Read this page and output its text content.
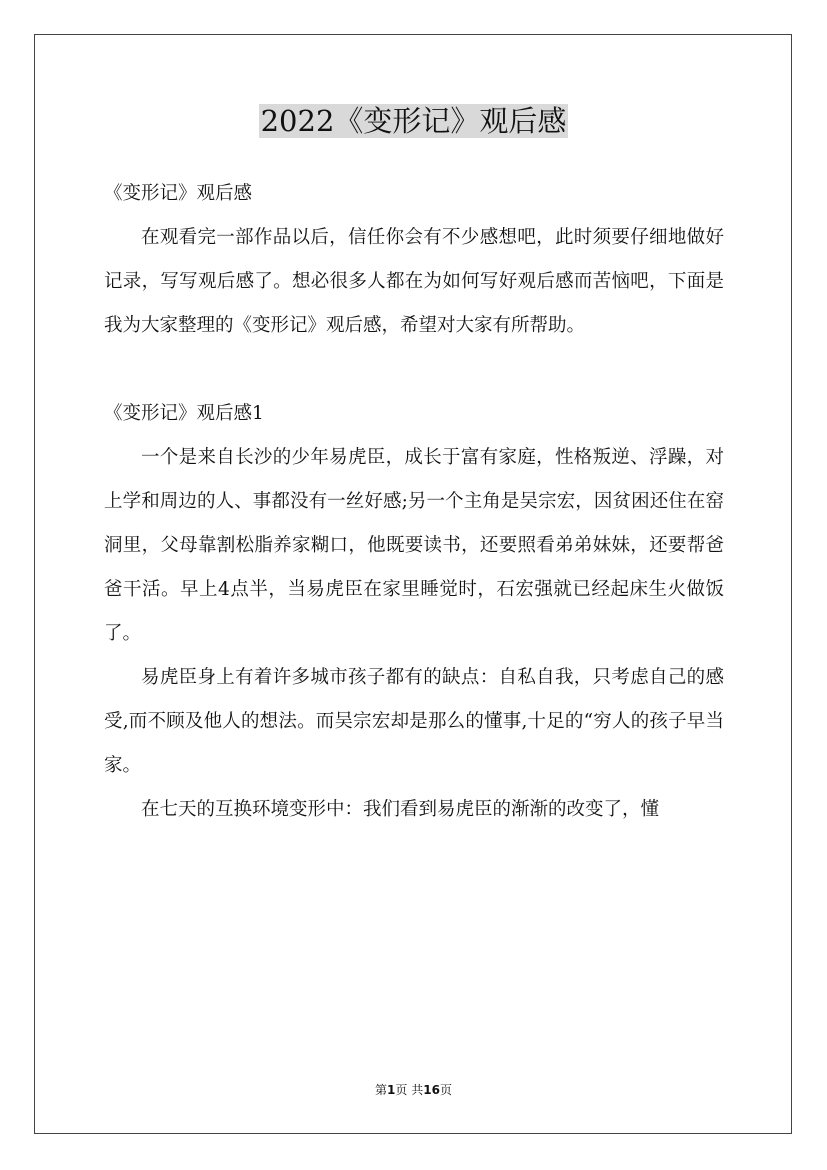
2022《变形记》观后感

《变形记》观后感

在观看完一部作品以后，信任你会有不少感想吧，此时须要仔细地做好记录，写写观后感了。想必很多人都在为如何写好观后感而苦恼吧，下面是我为大家整理的《变形记》观后感，希望对大家有所帮助。

《变形记》观后感1

一个是来自长沙的少年易虎臣，成长于富有家庭，性格叛逆、浮躁，对上学和周边的人、事都没有一丝好感;另一个主角是吴宗宏，因贫困还住在窑洞里，父母靠割松脂养家糊口，他既要读书，还要照看弟弟妹妹，还要帮爸爸干活。早上4点半，当易虎臣在家里睡觉时，石宏强就已经起床生火做饭了。

易虎臣身上有着许多城市孩子都有的缺点：自私自我，只考虑自己的感受,而不顾及他人的想法。而吴宗宏却是那么的懂事,十足的“穷人的孩子早当家。

在七天的互换环境变形中：我们看到易虎臣的渐渐的改变了，懂

第1页 共16页
